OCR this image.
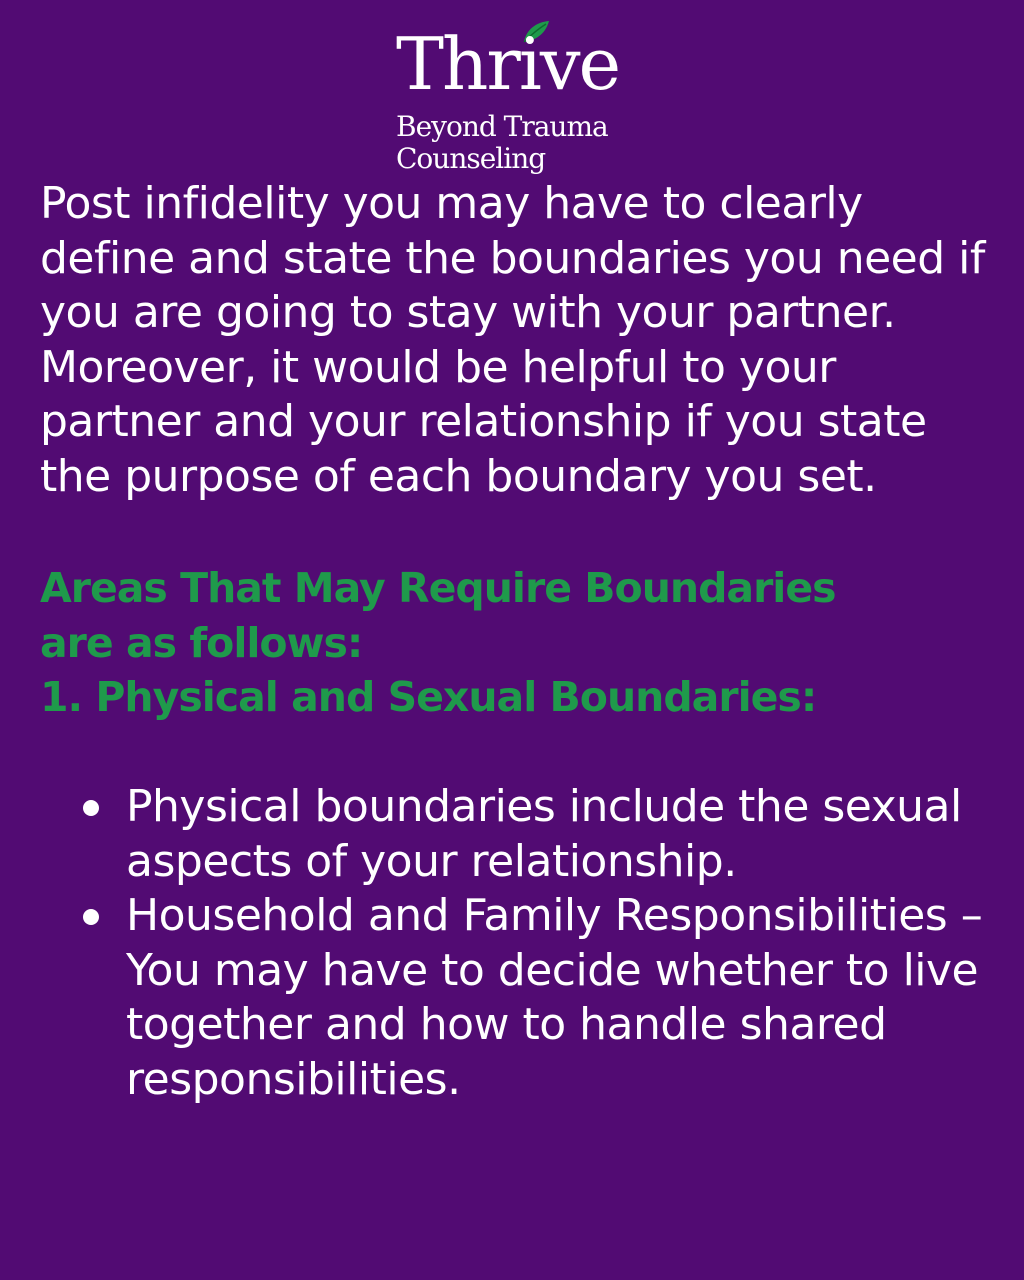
Thrive
Beyond Trauma
Counseling

Post infidelity you may have to clearly define and state the boundaries you need if you are going to stay with your partner. Moreover, it would be helpful to your partner and your relationship if you state the purpose of each boundary you set.

Areas That May Require Boundaries

are as follows:

1. Physical and Sexual Boundaries:

Physical boundaries include the sexual aspects of your relationship.
Household and Family Responsibilities – You may have to decide whether to live together and how to handle shared responsibilities.
